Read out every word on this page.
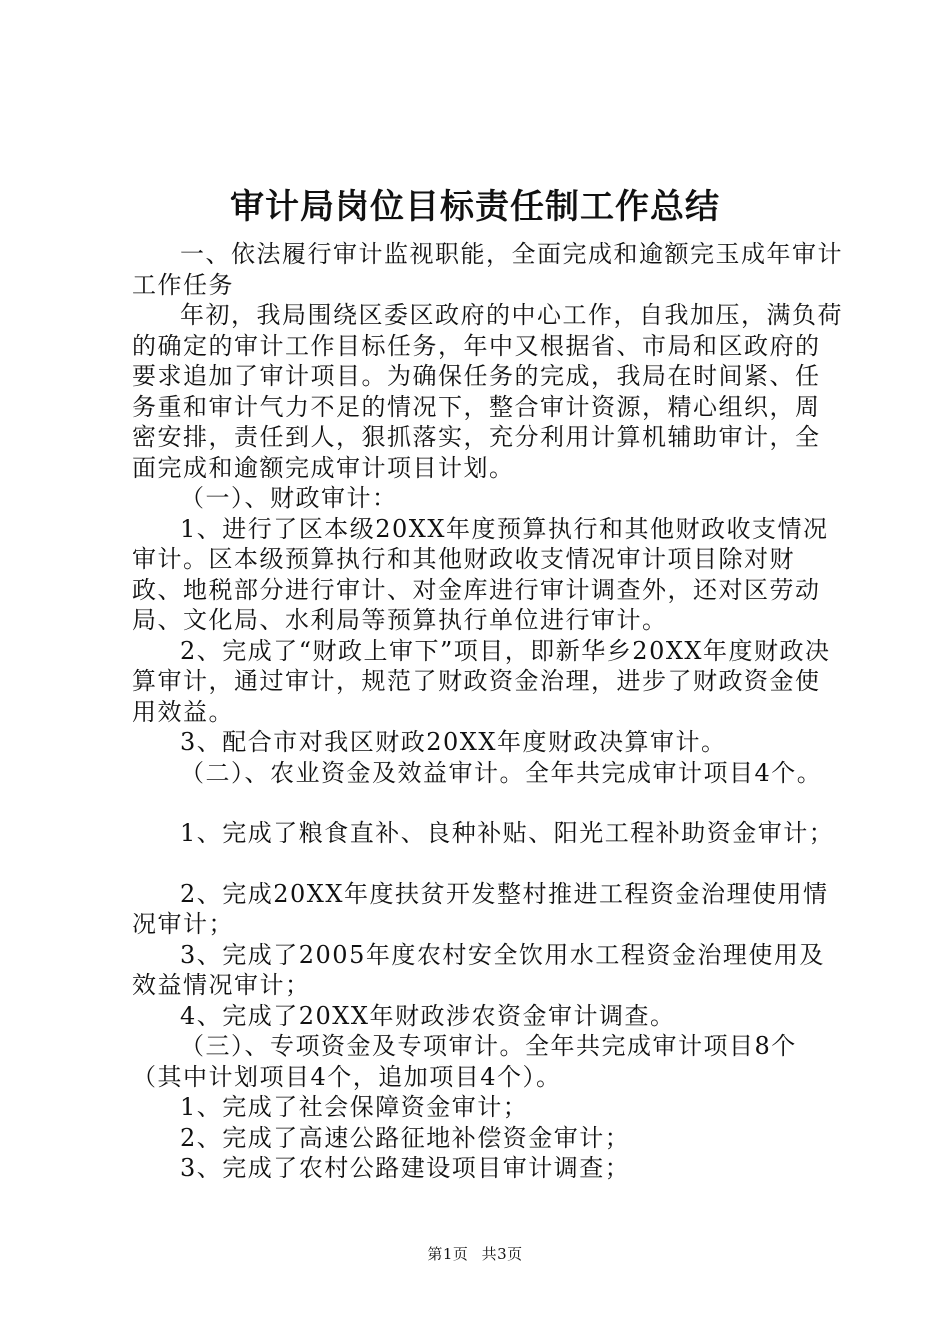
审计局岗位目标责任制工作总结

一、依法履行审计监视职能，全面完成和逾额完玉成年审计工作任务

年初，我局围绕区委区政府的中心工作，自我加压，满负荷的确定的审计工作目标任务，年中又根据省、市局和区政府的要求追加了审计项目。为确保任务的完成，我局在时间紧、任务重和审计气力不足的情况下，整合审计资源，精心组织，周密安排，责任到人，狠抓落实，充分利用计算机辅助审计，全面完成和逾额完成审计项目计划。

（一）、财政审计：

1、进行了区本级20XX年度预算执行和其他财政收支情况审计。区本级预算执行和其他财政收支情况审计项目除对财政、地税部分进行审计、对金库进行审计调查外，还对区劳动局、文化局、水利局等预算执行单位进行审计。

2、完成了“财政上审下”项目，即新华乡20XX年度财政决算审计，通过审计，规范了财政资金治理，进步了财政资金使用效益。

3、配合市对我区财政20XX年度财政决算审计。

（二）、农业资金及效益审计。全年共完成审计项目4个。

1、完成了粮食直补、良种补贴、阳光工程补助资金审计；

2、完成20XX年度扶贫开发整村推进工程资金治理使用情况审计；

3、完成了2005年度农村安全饮用水工程资金治理使用及效益情况审计；

4、完成了20XX年财政涉农资金审计调查。

（三）、专项资金及专项审计。全年共完成审计项目8个（其中计划项目4个，追加项目4个）。

1、完成了社会保障资金审计；

2、完成了高速公路征地补偿资金审计；

3、完成了农村公路建设项目审计调查；

第1页 共3页
